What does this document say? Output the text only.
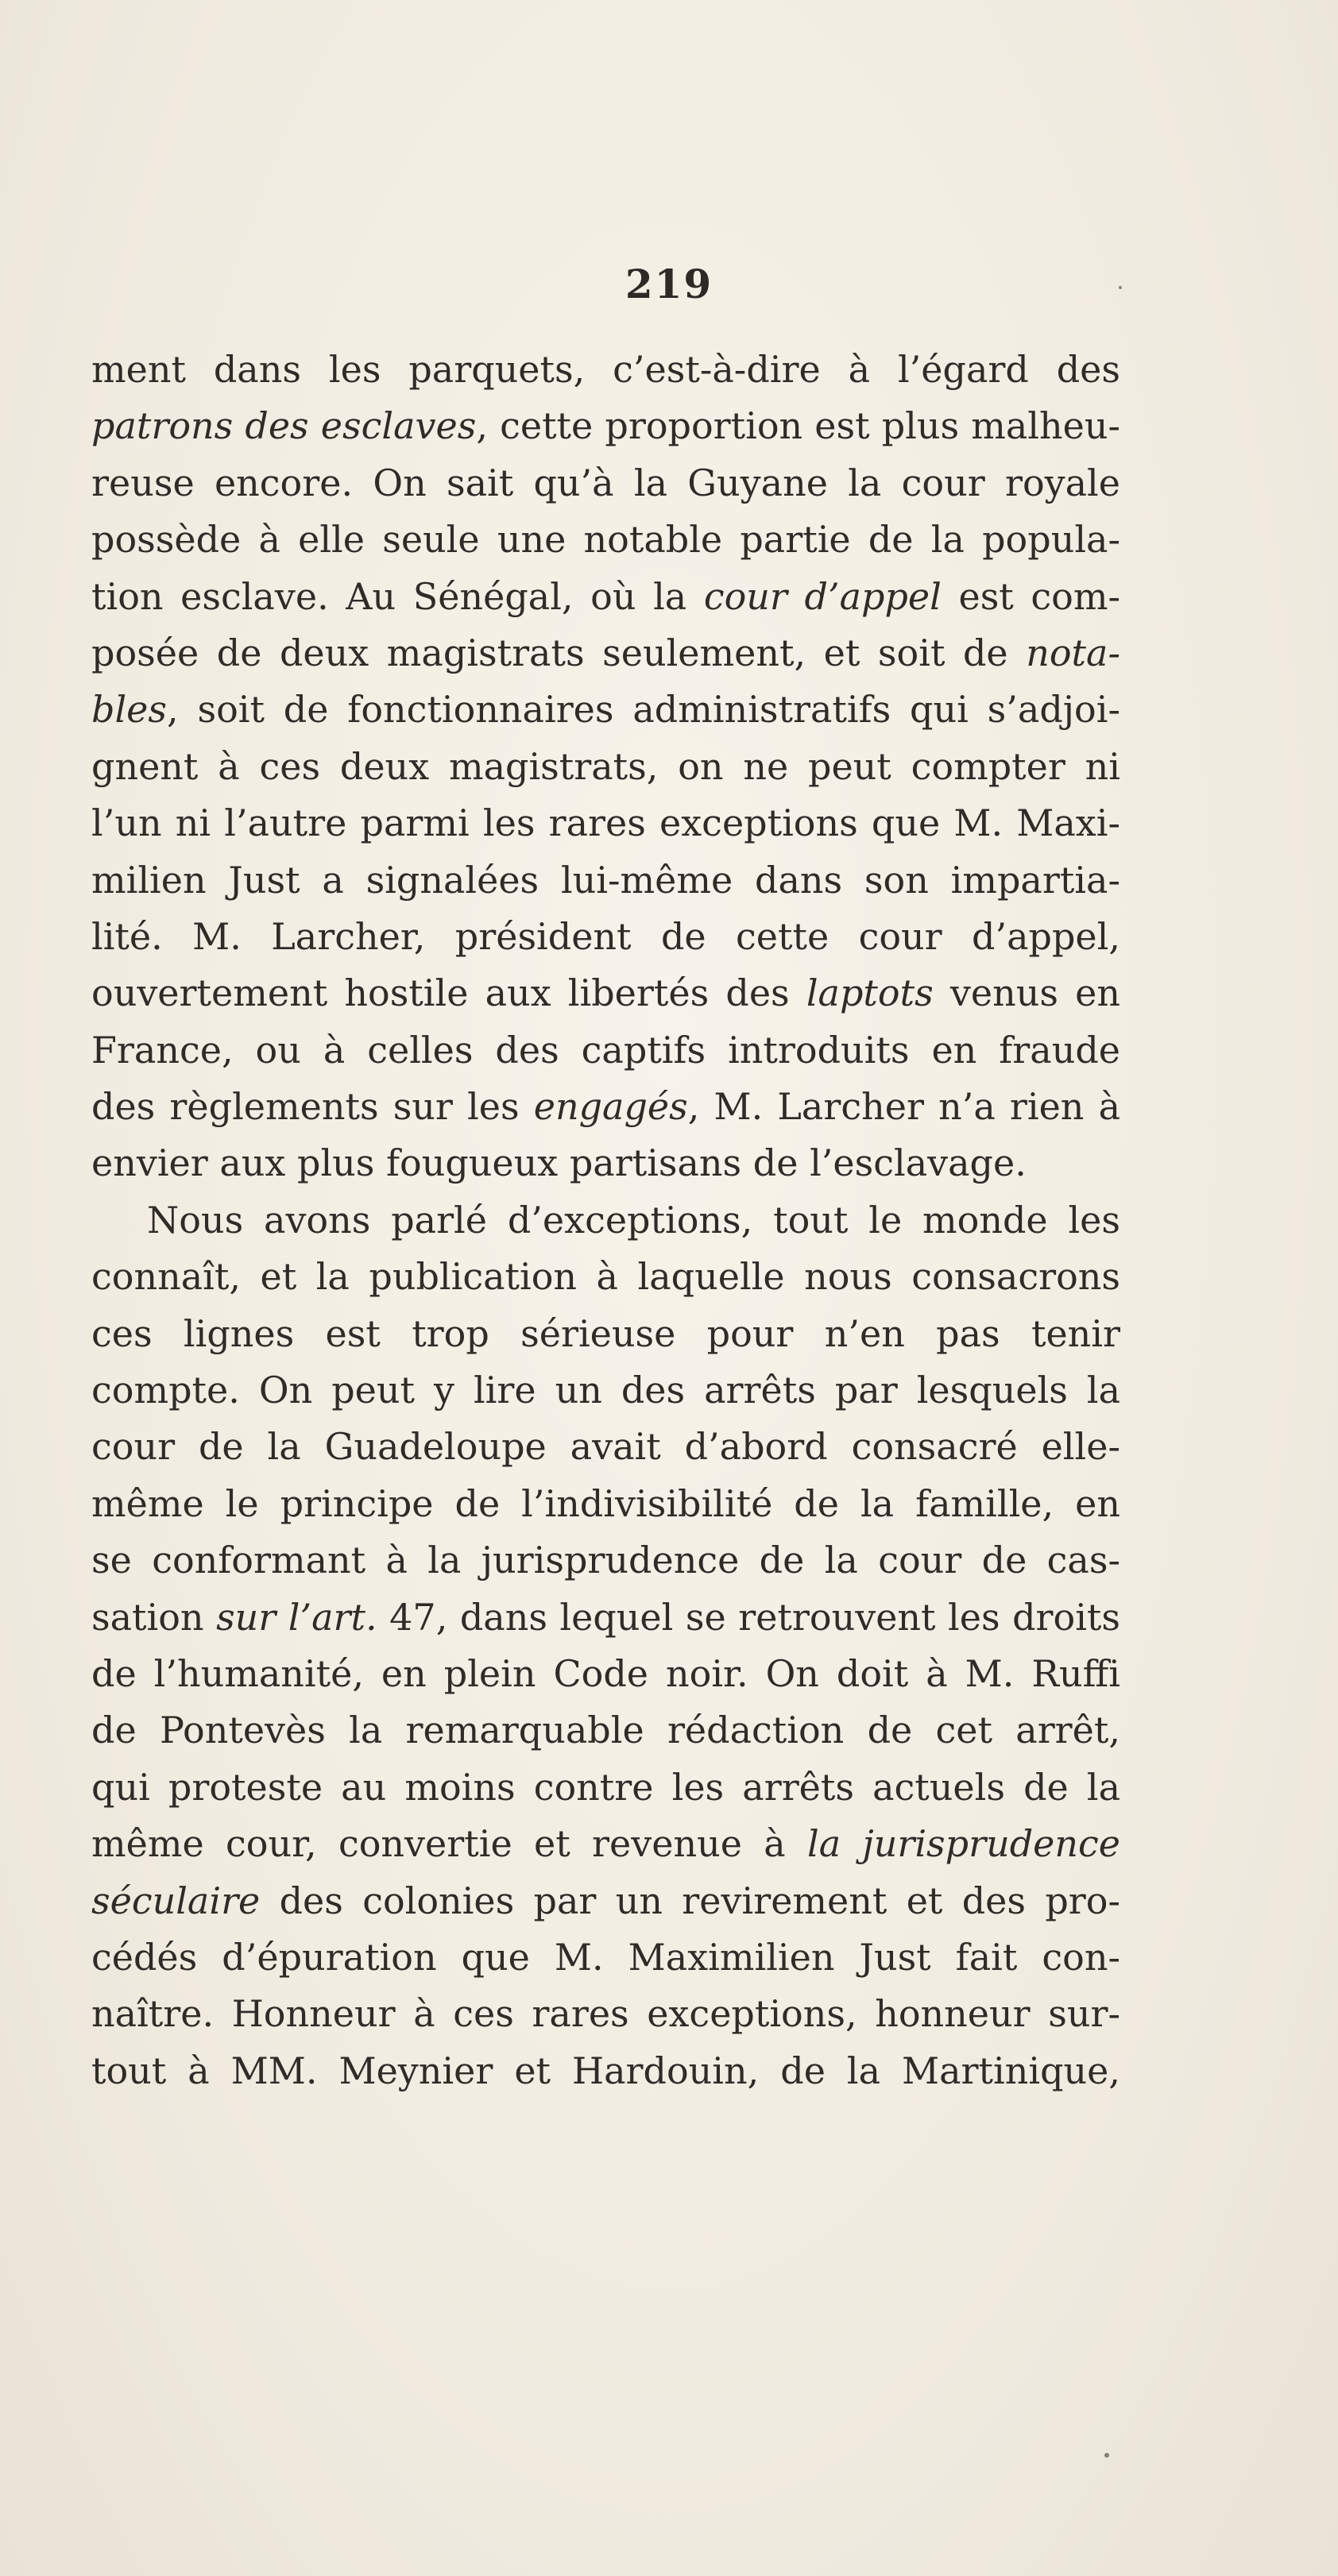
219
ment dans les parquets, c’est-à-dire à l’égard des
patrons des esclaves, cette proportion est plus malheu-
reuse encore. On sait qu’à la Guyane la cour royale
possède à elle seule une notable partie de la popula-
tion esclave. Au Sénégal, où la cour d’appel est com-
posée de deux magistrats seulement, et soit de nota-
bles, soit de fonctionnaires administratifs qui s’adjoi-
gnent à ces deux magistrats, on ne peut compter ni
l’un ni l’autre parmi les rares exceptions que M. Maxi-
milien Just a signalées lui-même dans son impartia-
lité. M. Larcher, président de cette cour d’appel,
ouvertement hostile aux libertés des laptots venus en
France, ou à celles des captifs introduits en fraude
des règlements sur les engagés, M. Larcher n’a rien à
envier aux plus fougueux partisans de l’esclavage.
Nous avons parlé d’exceptions, tout le monde les
connaît, et la publication à laquelle nous consacrons
ces lignes est trop sérieuse pour n’en pas tenir
compte. On peut y lire un des arrêts par lesquels la
cour de la Guadeloupe avait d’abord consacré elle-
même le principe de l’indivisibilité de la famille, en
se conformant à la jurisprudence de la cour de cas-
sation sur l’art. 47, dans lequel se retrouvent les droits
de l’humanité, en plein Code noir. On doit à M. Ruffi
de Pontevès la remarquable rédaction de cet arrêt,
qui proteste au moins contre les arrêts actuels de la
même cour, convertie et revenue à la jurisprudence
séculaire des colonies par un revirement et des pro-
cédés d’épuration que M. Maximilien Just fait con-
naître. Honneur à ces rares exceptions, honneur sur-
tout à MM. Meynier et Hardouin, de la Martinique,
